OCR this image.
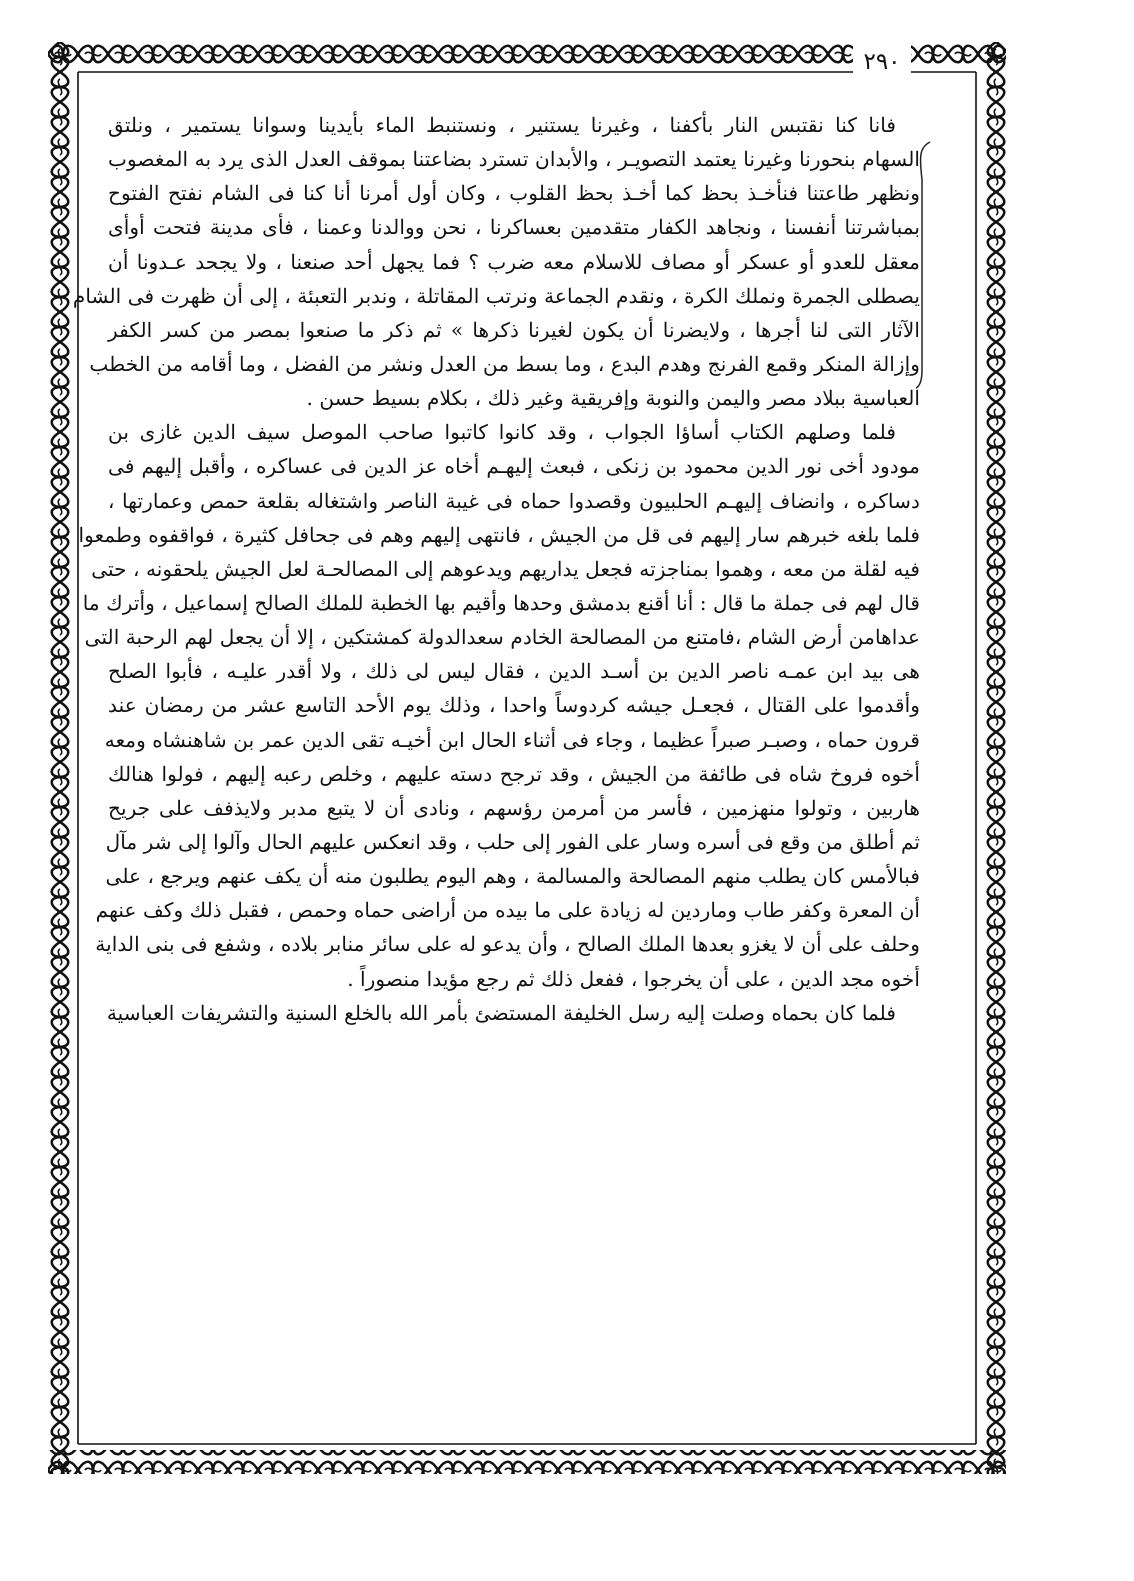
٢٩٠

فانا كنا نقتبس النار بأكفنا ، وغيرنا يستنير ، ونستنبط الماء بأيدينا وسوانا يستمير ، ونلتق
السهام بنحورنا وغيرنا يعتمد التصويـر ، والأبدان تسترد بضاعتنا بموقف العدل الذى يرد به المغصوب
ونظهر طاعتنا فنأخـذ بحظ كما أخـذ بحظ القلوب ، وكان أول أمرنا أنا كنا فى الشام نفتح الفتوح
بمباشرتنا أنفسنا ، ونجاهد الكفار متقدمين بعساكرنا ، نحن ووالدنا وعمنا ، فأى مدينة فتحت أوأى
معقل للعدو أو عسكر أو مصاف للاسلام معه ضرب ؟ فما يجهل أحد صنعنا ، ولا يجحد عـدونا أن
يصطلى الجمرة ونملك الكرة ، ونقدم الجماعة ونرتب المقاتلة ، وندبر التعبئة ، إلى أن ظهرت فى الشام
الآثار التى لنا أجرها ، ولايضرنا أن يكون لغيرنا ذكرها » ثم ذكر ما صنعوا بمصر من كسر الكفر
وإزالة المنكر وقمع الفرنج وهدم البدع ، وما بسط من العدل ونشر من الفضل ، وما أقامه من الخطب
العباسية ببلاد مصر واليمن والنوبة وإفريقية وغير ذلك ، بكلام بسيط حسن .

فلما وصلهم الكتاب أساؤا الجواب ، وقد كانوا كاتبوا صاحب الموصل سيف الدين غازى بن
مودود أخى نور الدين محمود بن زنكى ، فبعث إليهـم أخاه عز الدين فى عساكره ، وأقبل إليهم فى
دساكره ، وانضاف إليهـم الحلبيون وقصدوا حماه فى غيبة الناصر واشتغاله بقلعة حمص وعمارتها ،
فلما بلغه خبرهم سار إليهم فى قل من الجيش ، فانتهى إليهم وهم فى جحافل كثيرة ، فواقفوه وطمعوا
فيه لقلة من معه ، وهموا بمناجزته فجعل يداريهم ويدعوهم إلى المصالحـة لعل الجيش يلحقونه ، حتى
قال لهم فى جملة ما قال : أنا أقنع بدمشق وحدها وأقيم بها الخطبة للملك الصالح إسماعيل ، وأترك ما
عداهامن أرض الشام ،فامتنع من المصالحة الخادم سعدالدولة كمشتكين ، إلا أن يجعل لهم الرحبة التى
هى بيد ابن عمـه ناصر الدين بن أسـد الدين ، فقال ليس لى ذلك ، ولا أقدر عليـه ، فأبوا الصلح
وأقدموا على القتال ، فجعـل جيشه كردوساً واحدا ، وذلك يوم الأحد التاسع عشر من رمضان عند
قرون حماه ، وصبـر صبراً عظيما ، وجاء فى أثناء الحال ابن أخيـه تقى الدين عمر بن شاهنشاه ومعه
أخوه فروخ شاه فى طائفة من الجيش ، وقد ترجح دسته عليهم ، وخلص رعبه إليهم ، فولوا هنالك
هاربين ، وتولوا منهزمين ، فأسر من أمرمن رؤسهم ، ونادى أن لا يتبع مدبر ولايذفف على جريح
ثم أطلق من وقع فى أسره وسار على الفور إلى حلب ، وقد انعكس عليهم الحال وآلوا إلى شر مآل
فبالأمس كان يطلب منهم المصالحة والمسالمة ، وهم اليوم يطلبون منه أن يكف عنهم ويرجع ، على
أن المعرة وكفر طاب وماردين له زيادة على ما بيده من أراضى حماه وحمص ، فقبل ذلك وكف عنهم
وحلف على أن لا يغزو بعدها الملك الصالح ، وأن يدعو له على سائر منابر بلاده ، وشفع فى بنى الداية
أخوه مجد الدين ، على أن يخرجوا ، ففعل ذلك ثم رجع مؤيدا منصوراً .

فلما كان بحماه وصلت إليه رسل الخليفة المستضئ بأمر الله بالخلع السنية والتشريفات العباسية
